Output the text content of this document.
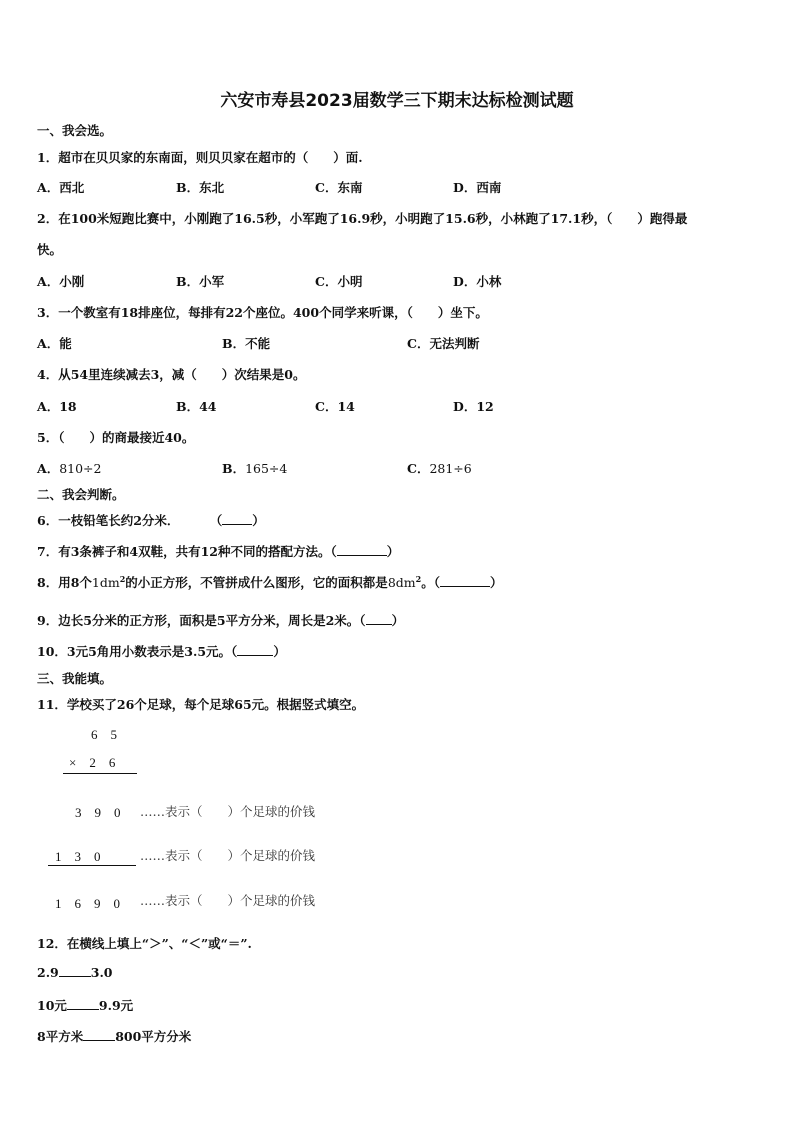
六安市寿县2023届数学三下期末达标检测试题
一、我会选。
1．超市在贝贝家的东南面，则贝贝家在超市的（　　）面.
A．西北	B．东北	C．东南	D．西南
2．在100米短跑比赛中，小刚跑了16.5秒，小军跑了16.9秒，小明跑了15.6秒，小林跑了17.1秒，（　　）跑得最
快。
A．小刚	B．小军	C．小明	D．小林
3．一个教室有18排座位，每排有22个座位。400个同学来听课，（　　）坐下。
A．能	B．不能	C．无法判断
4．从54里连续减去3，减（　　）次结果是0。
A．18	B．44	C．14	D．12
5．（　　）的商最接近40。
A．810÷2	B．165÷4	C．281÷6
二、我会判断。
6．一枝铅笔长约2分米． （ ）
7．有3条裤子和4双鞋，共有12种不同的搭配方法。（	）
8．用8个$1dm^2$的小正方形，不管拼成什么图形，它的面积都是$8dm^2$。（	）
9．边长5分米的正方形，面积是5平方分米，周长是2米。（ ）
10．3元5角用小数表示是3.5元。（	）
三、我能填。
11．学校买了26个足球，每个足球65元。根据竖式填空。
6　5
×　2　6
3　9　0 ……表示（　　）个足球的价钱
1　3　0	……表示（　　）个足球的价钱
1　6　9　0 ……表示（　　）个足球的价钱
12．在横线上填上“＞”、“＜”或“＝”.
2.9	3.0
10元	9.9元
8平方米	800平方分米
